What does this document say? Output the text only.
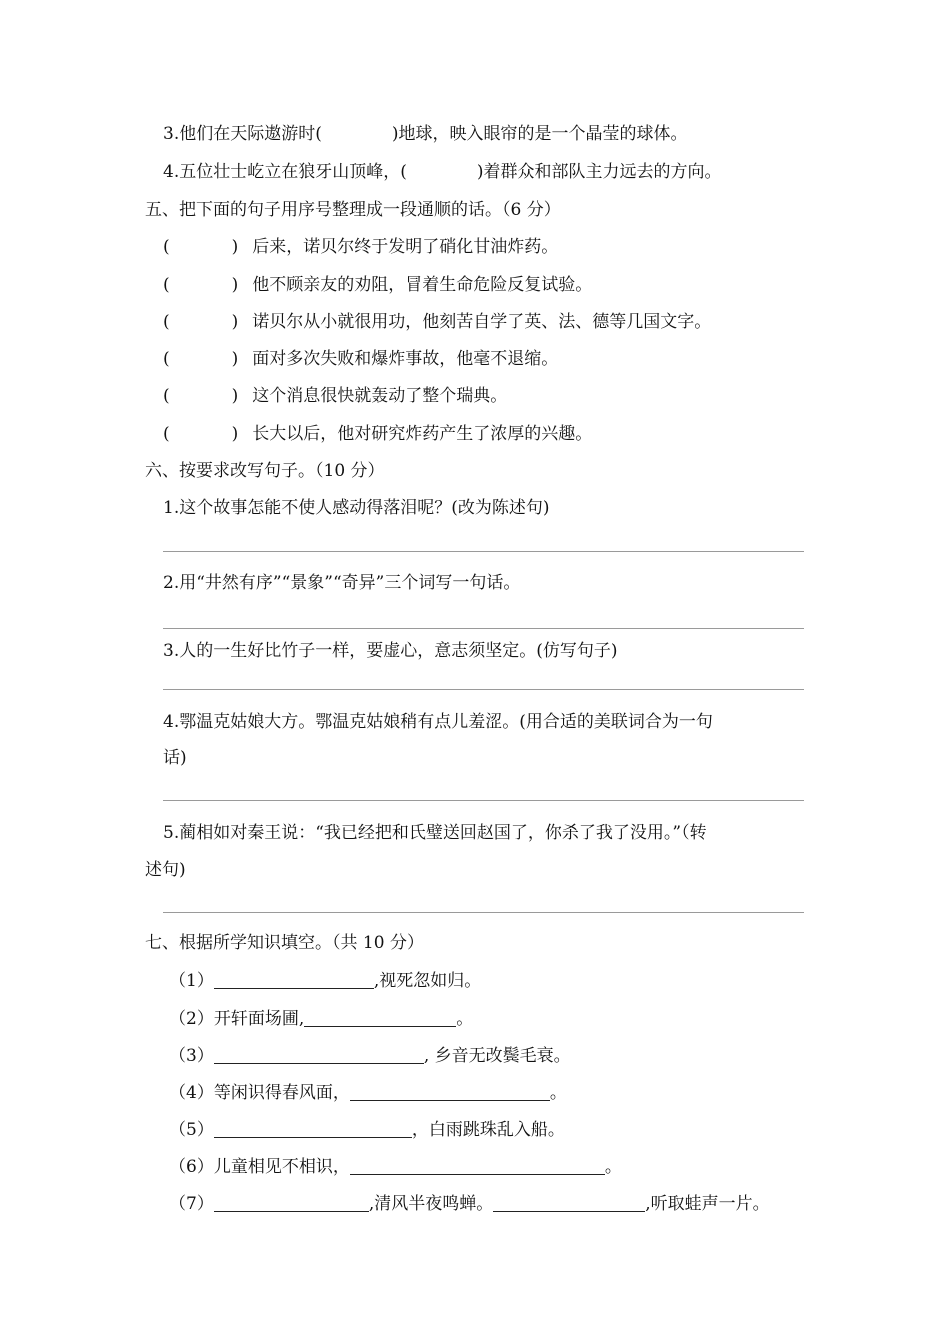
3.他们在天际遨游时(	)地球，映入眼帘的是一个晶莹的球体。
4.五位壮士屹立在狼牙山顶峰，(	)着群众和部队主力远去的方向。
五、把下面的句子用序号整理成一段通顺的话。（6 分）
(	) 后来，诺贝尔终于发明了硝化甘油炸药。
(	) 他不顾亲友的劝阻，冒着生命危险反复试验。
(	) 诺贝尔从小就很用功，他刻苦自学了英、法、德等几国文字。
(	) 面对多次失败和爆炸事故，他毫不退缩。
(	) 这个消息很快就轰动了整个瑞典。
(	) 长大以后，他对研究炸药产生了浓厚的兴趣。
六、按要求改写句子。（10 分）
1.这个故事怎能不使人感动得落泪呢？(改为陈述句)
2.用“井然有序”“景象”“奇异”三个词写一句话。
3.人的一生好比竹子一样，要虚心，意志须坚定。(仿写句子)
4.鄂温克姑娘大方。鄂温克姑娘稍有点儿羞涩。(用合适的美联词合为一句
话)
5.蔺相如对秦王说：“我已经把和氏璧送回赵国了，你杀了我了没用。”（转
述句)
七、根据所学知识填空。（共 10 分）
（1）	,视死忽如归。
（2）开轩面场圃,	。
（3）	, 乡音无改鬓毛衰。
（4）等闲识得春风面，	。
（5）	，白雨跳珠乱入船。
（6）儿童相见不相识，	。
（7）	,清风半夜鸣蝉。	,听取蛙声一片。
